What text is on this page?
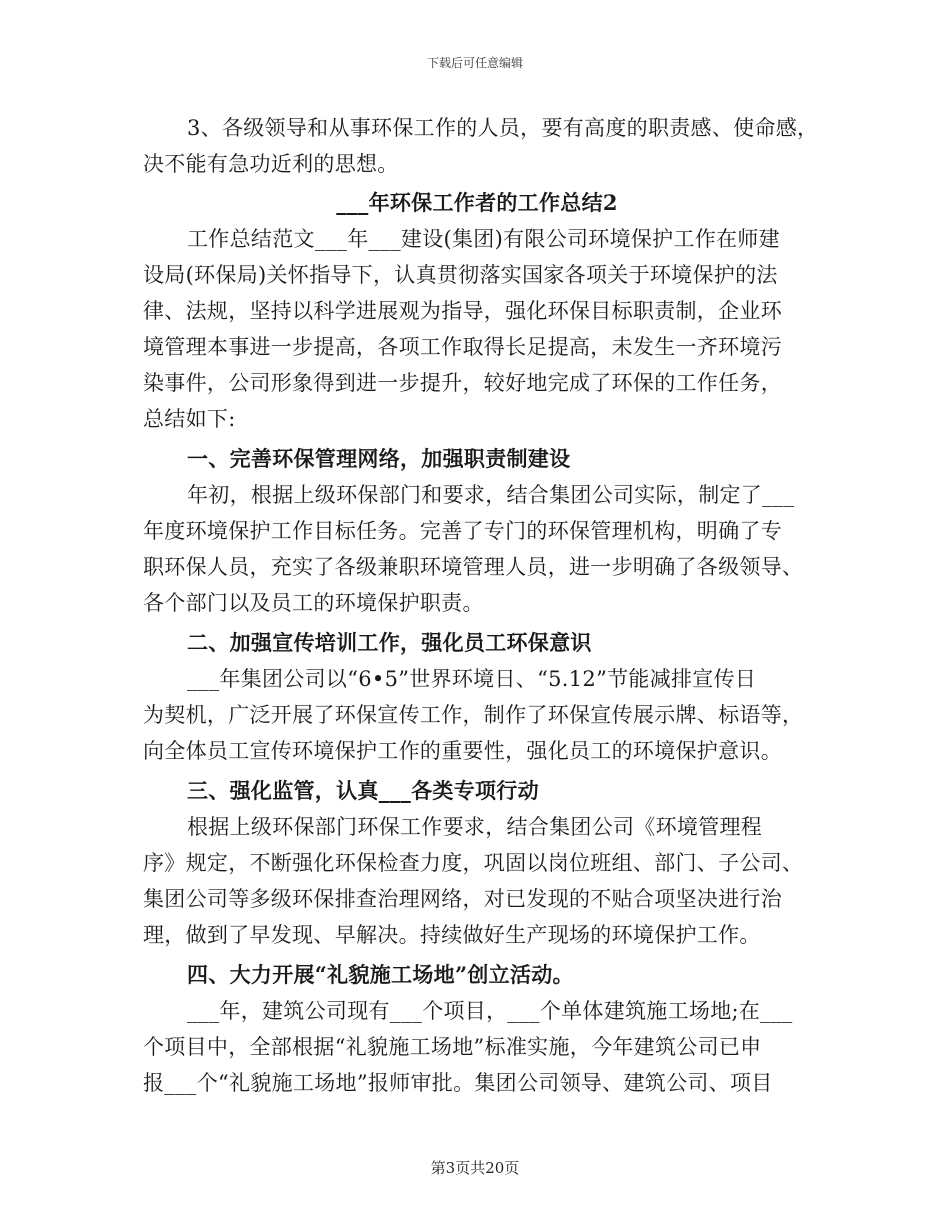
下载后可任意编辑
3、各级领导和从事环保工作的人员，要有高度的职责感、使命感，
决不能有急功近利的思想。
___年环保工作者的工作总结2
工作总结范文___年___建设(集团)有限公司环境保护工作在师建
设局(环保局)关怀指导下，认真贯彻落实国家各项关于环境保护的法
律、法规，坚持以科学进展观为指导，强化环保目标职责制，企业环
境管理本事进一步提高，各项工作取得长足提高，未发生一齐环境污
染事件，公司形象得到进一步提升，较好地完成了环保的工作任务，
总结如下:
一、完善环保管理网络，加强职责制建设
年初，根据上级环保部门和要求，结合集团公司实际，制定了___
年度环境保护工作目标任务。完善了专门的环保管理机构，明确了专
职环保人员，充实了各级兼职环境管理人员，进一步明确了各级领导、
各个部门以及员工的环境保护职责。
二、加强宣传培训工作，强化员工环保意识
___年集团公司以“6•5”世界环境日、“5.12”节能减排宣传日
为契机，广泛开展了环保宣传工作，制作了环保宣传展示牌、标语等，
向全体员工宣传环境保护工作的重要性，强化员工的环境保护意识。
三、强化监管，认真___各类专项行动
根据上级环保部门环保工作要求，结合集团公司《环境管理程
序》规定，不断强化环保检查力度，巩固以岗位班组、部门、子公司、
集团公司等多级环保排查治理网络，对已发现的不贴合项坚决进行治
理，做到了早发现、早解决。持续做好生产现场的环境保护工作。
四、大力开展“礼貌施工场地”创立活动。
___年，建筑公司现有___个项目，___个单体建筑施工场地;在___
个项目中，全部根据“礼貌施工场地”标准实施，今年建筑公司已申
报___个“礼貌施工场地”报师审批。集团公司领导、建筑公司、项目
第3页共20页
